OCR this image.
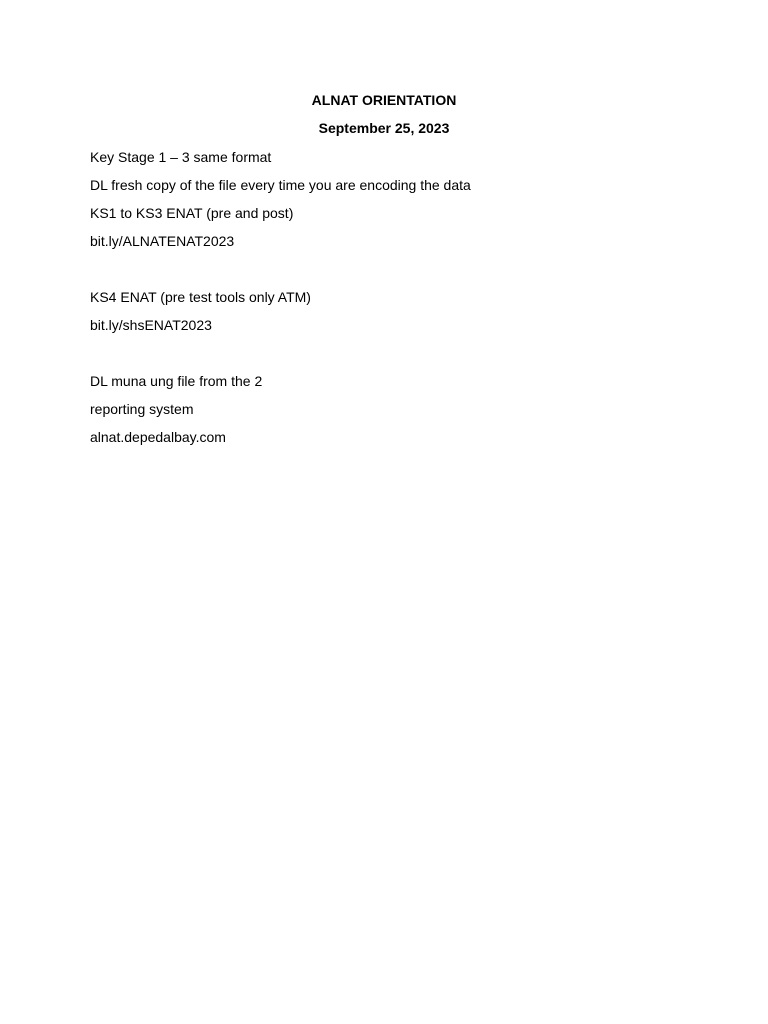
ALNAT ORIENTATION
September 25, 2023
Key Stage 1 – 3 same format
DL fresh copy of the file every time you are encoding the data
KS1 to KS3 ENAT (pre and post)
bit.ly/ALNATENAT2023
KS4 ENAT (pre test tools only ATM)
bit.ly/shsENAT2023
DL muna ung file from the 2
reporting system
alnat.depedalbay.com
